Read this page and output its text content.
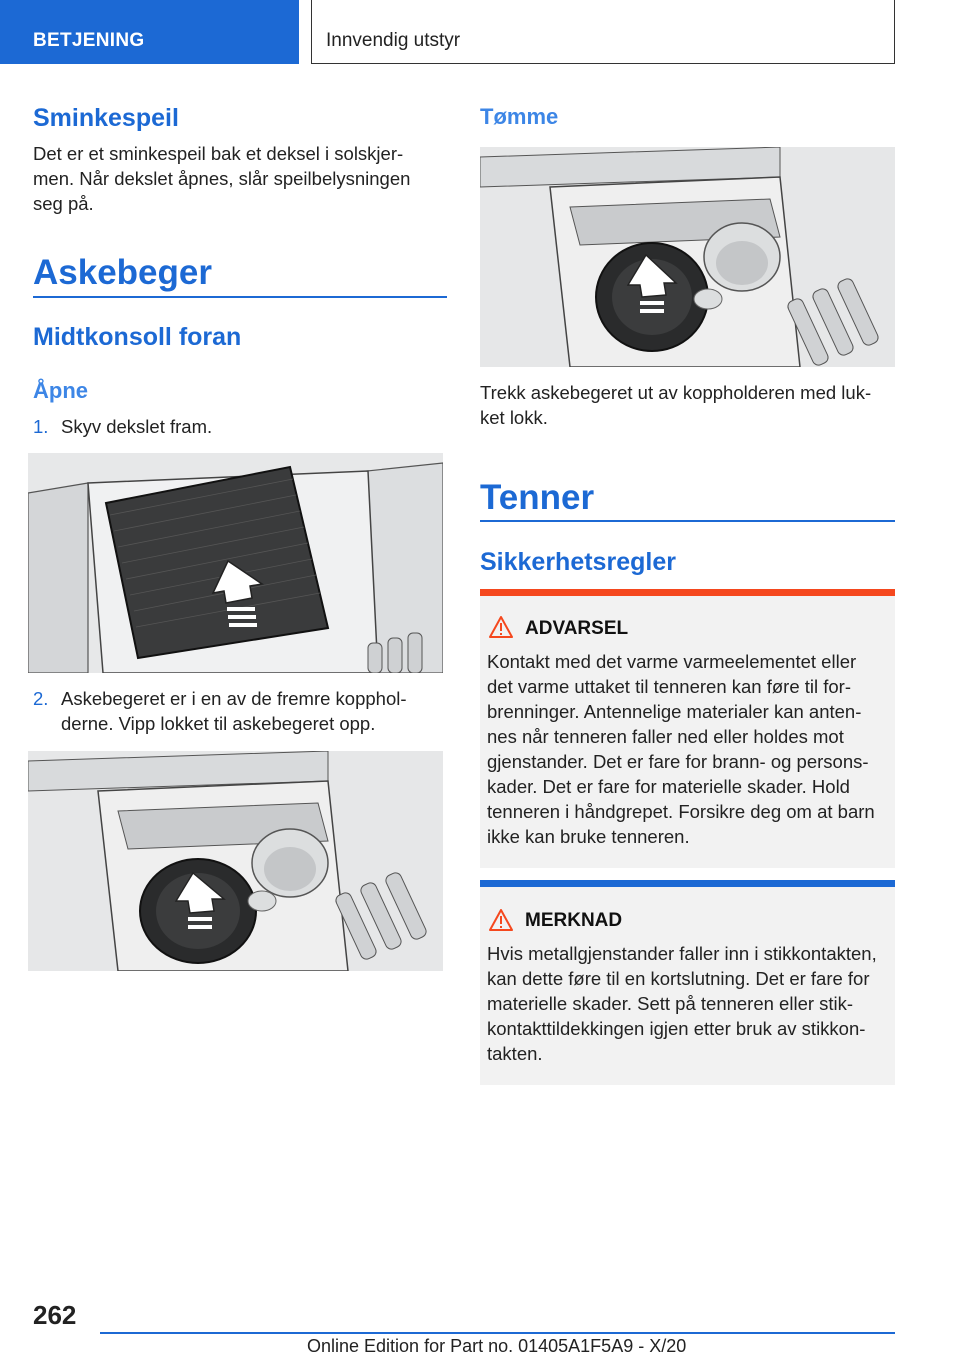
BETJENING	Innvendig utstyr
Sminkespeil
Det er et sminkespeil bak et deksel i solskjer-
men. Når dekslet åpnes, slår speilbelysningen
seg på.
Askebeger
Midtkonsoll foran
Åpne
1. Skyv dekslet fram.
2. Askebegeret er i en av de fremre kopphol-
derne. Vipp lokket til askebegeret opp.
Tømme
Trekk askebegeret ut av koppholderen med luk-
ket lokk.
Tenner
Sikkerhetsregler
ADVARSEL
Kontakt med det varme varmeelementet eller
det varme uttaket til tenneren kan føre til for-
brenninger. Antennelige materialer kan anten-
nes når tenneren faller ned eller holdes mot
gjenstander. Det er fare for brann- og persons-
kader. Det er fare for materielle skader. Hold
tenneren i håndgrepet. Forsikre deg om at barn
ikke kan bruke tenneren.
MERKNAD
Hvis metallgjenstander faller inn i stikkontakten,
kan dette føre til en kortslutning. Det er fare for
materielle skader. Sett på tenneren eller stik-
kontakttildekkingen igjen etter bruk av stikkon-
takten.
262
Online Edition for Part no. 01405A1F5A9 - X/20
